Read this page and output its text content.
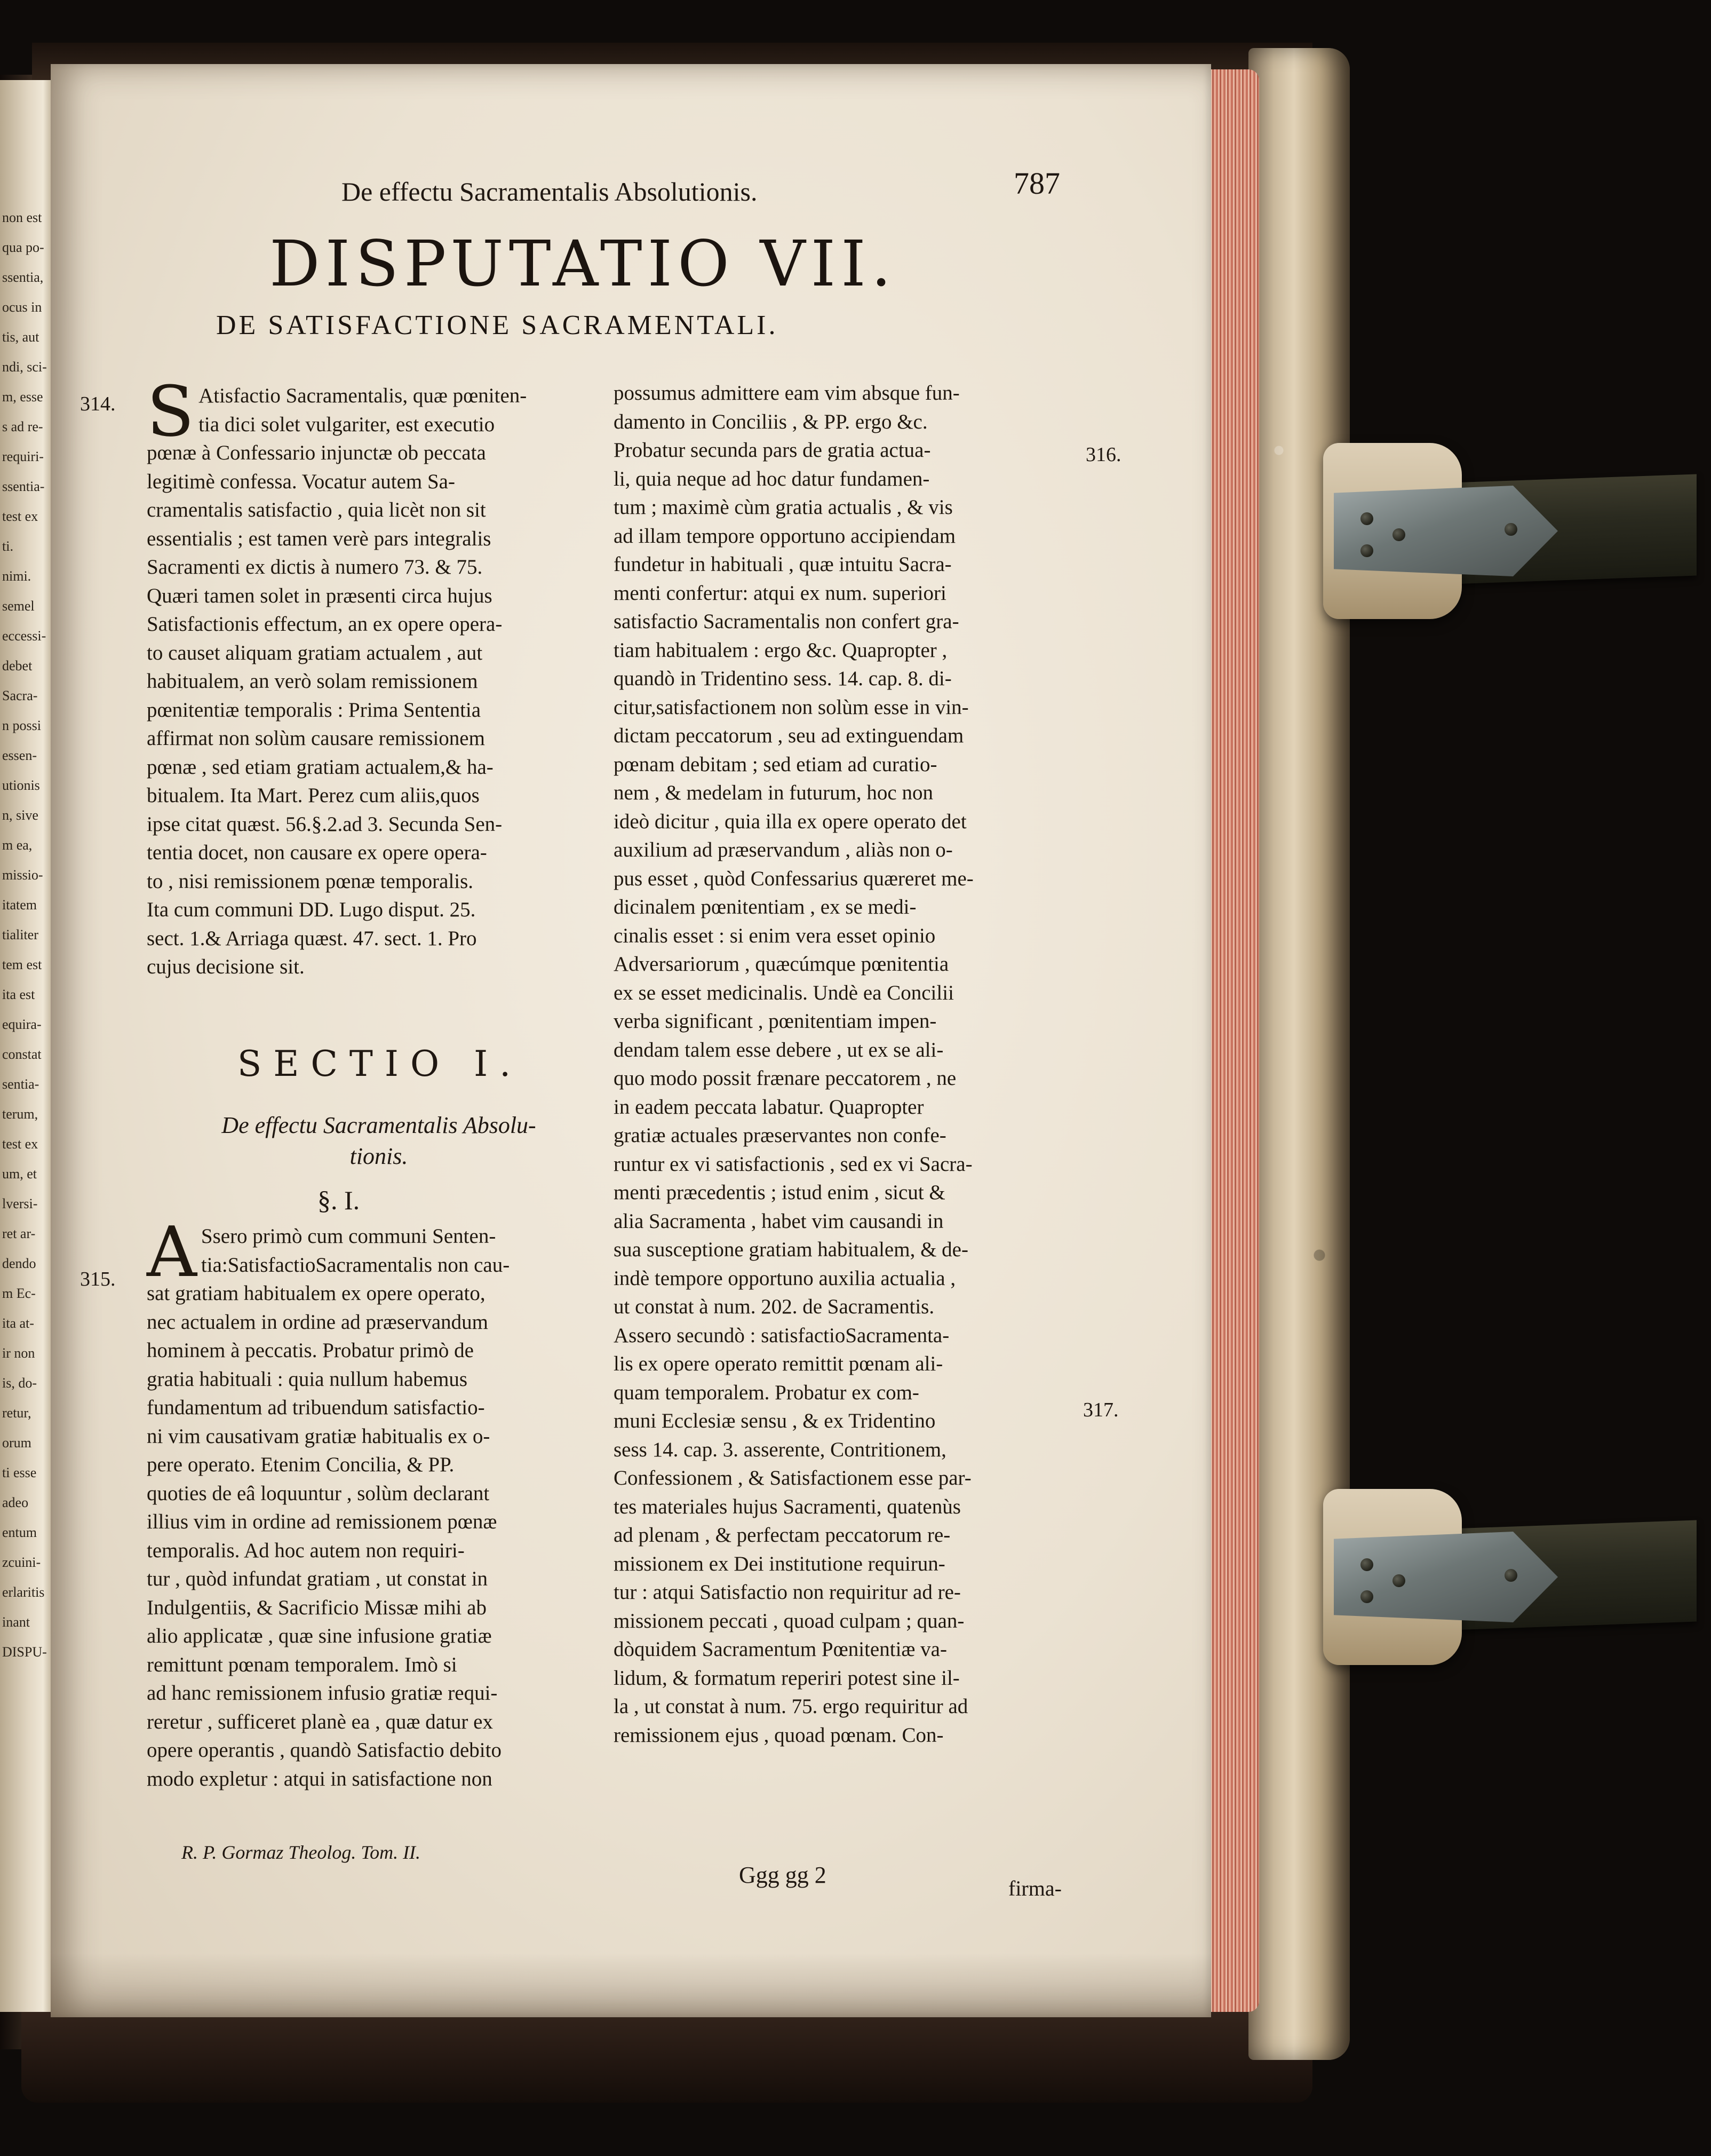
non est
qua po-
ssentia,
ocus in
tis, aut
ndi, sci-
m, esse
s ad re-
requiri-
ssentia-
test ex
ti.
nimi.
semel
eccessi-
debet
Sacra-
n possi
essen-
utionis
n, sive
m ea,
missio-
itatem
tialiter
tem est
ita est
equira-
constat
sentia-
terum,
test ex
um, et
lversi-
ret ar-
dendo
m Ec-
ita at-
ir non
is, do-
retur,
orum
ti esse
adeo
entum
zcuini-
erlaritis
inant
DISPU-
De effectu Sacramentalis Absolutionis.	787
DISPUTATIO VII.
DE SATISFACTIONE SACRAMENTALI.
314.
315.
316.
317.
S Atisfactio Sacramentalis, quæ pœniten-
tia dici solet vulgariter, est executio
pœnæ à Confessario injunctæ ob peccata
legitimè confessa. Vocatur autem Sa-
cramentalis satisfactio , quia licèt non sit
essentialis ; est tamen verè pars integralis
Sacramenti ex dictis à numero 73. & 75.
Quæri tamen solet in præsenti circa hujus
Satisfactionis effectum, an ex opere opera-
to causet aliquam gratiam actualem , aut
habitualem, an verò solam remissionem
pœnitentiæ temporalis : Prima Sententia
affirmat non solùm causare remissionem
pœnæ , sed etiam gratiam actualem,& ha-
bitualem. Ita Mart. Perez cum aliis,quos
ipse citat quæst. 56.§.2.ad 3. Secunda Sen-
tentia docet, non causare ex opere opera-
to , nisi remissionem pœnæ temporalis.
Ita cum communi DD. Lugo disput. 25.
sect. 1.& Arriaga quæst. 47. sect. 1. Pro
cujus decisione sit.
SECTIO I.
De effectu Sacramentalis Absolu-
tionis.
§. I.
A Ssero primò cum communi Senten-
tia:SatisfactioSacramentalis non cau-
sat gratiam habitualem ex opere operato,
nec actualem in ordine ad præservandum
hominem à peccatis. Probatur primò de
gratia habituali : quia nullum habemus
fundamentum ad tribuendum satisfactio-
ni vim causativam gratiæ habitualis ex o-
pere operato. Etenim Concilia, & PP.
quoties de eâ loquuntur , solùm declarant
illius vim in ordine ad remissionem pœnæ
temporalis. Ad hoc autem non requiri-
tur , quòd infundat gratiam , ut constat in
Indulgentiis, & Sacrificio Missæ mihi ab
alio applicatæ , quæ sine infusione gratiæ
remittunt pœnam temporalem. Imò si
ad hanc remissionem infusio gratiæ requi-
reretur , sufficeret planè ea , quæ datur ex
opere operantis , quandò Satisfactio debito
modo expletur : atqui in satisfactione non
possumus admittere eam vim absque fun-
damento in Conciliis , & PP. ergo &c.
Probatur secunda pars de gratia actua-
li, quia neque ad hoc datur fundamen-
tum ; maximè cùm gratia actualis , & vis
ad illam tempore opportuno accipiendam
fundetur in habituali , quæ intuitu Sacra-
menti confertur: atqui ex num. superiori
satisfactio Sacramentalis non confert gra-
tiam habitualem : ergo &c. Quapropter ,
quandò in Tridentino sess. 14. cap. 8. di-
citur,satisfactionem non solùm esse in vin-
dictam peccatorum , seu ad extinguendam
pœnam debitam ; sed etiam ad curatio-
nem , & medelam in futurum, hoc non
ideò dicitur , quia illa ex opere operato det
auxilium ad præservandum , aliàs non o-
pus esset , quòd Confessarius quæreret me-
dicinalem pœnitentiam , ex se medi-
cinalis esset : si enim vera esset opinio
Adversariorum , quæcúmque pœnitentia
ex se esset medicinalis. Undè ea Concilii
verba significant , pœnitentiam impen-
dendam talem esse debere , ut ex se ali-
quo modo possit frænare peccatorem , ne
in eadem peccata labatur. Quapropter
gratiæ actuales præservantes non confe-
runtur ex vi satisfactionis , sed ex vi Sacra-
menti præcedentis ; istud enim , sicut &
alia Sacramenta , habet vim causandi in
sua susceptione gratiam habitualem, & de-
indè tempore opportuno auxilia actualia ,
ut constat à num. 202. de Sacramentis.
Assero secundò : satisfactioSacramenta-
lis ex opere operato remittit pœnam ali-
quam temporalem. Probatur ex com-
muni Ecclesiæ sensu , & ex Tridentino
sess 14. cap. 3. asserente, Contritionem,
Confessionem , & Satisfactionem esse par-
tes materiales hujus Sacramenti, quatenùs
ad plenam , & perfectam peccatorum re-
missionem ex Dei institutione requirun-
tur : atqui Satisfactio non requiritur ad re-
missionem peccati , quoad culpam ; quan-
dòquidem Sacramentum Pœnitentiæ va-
lidum, & formatum reperiri potest sine il-
la , ut constat à num. 75. ergo requiritur ad
remissionem ejus , quoad pœnam. Con-
R. P. Gormaz Theolog. Tom. II.
Ggg gg 2
firma-
